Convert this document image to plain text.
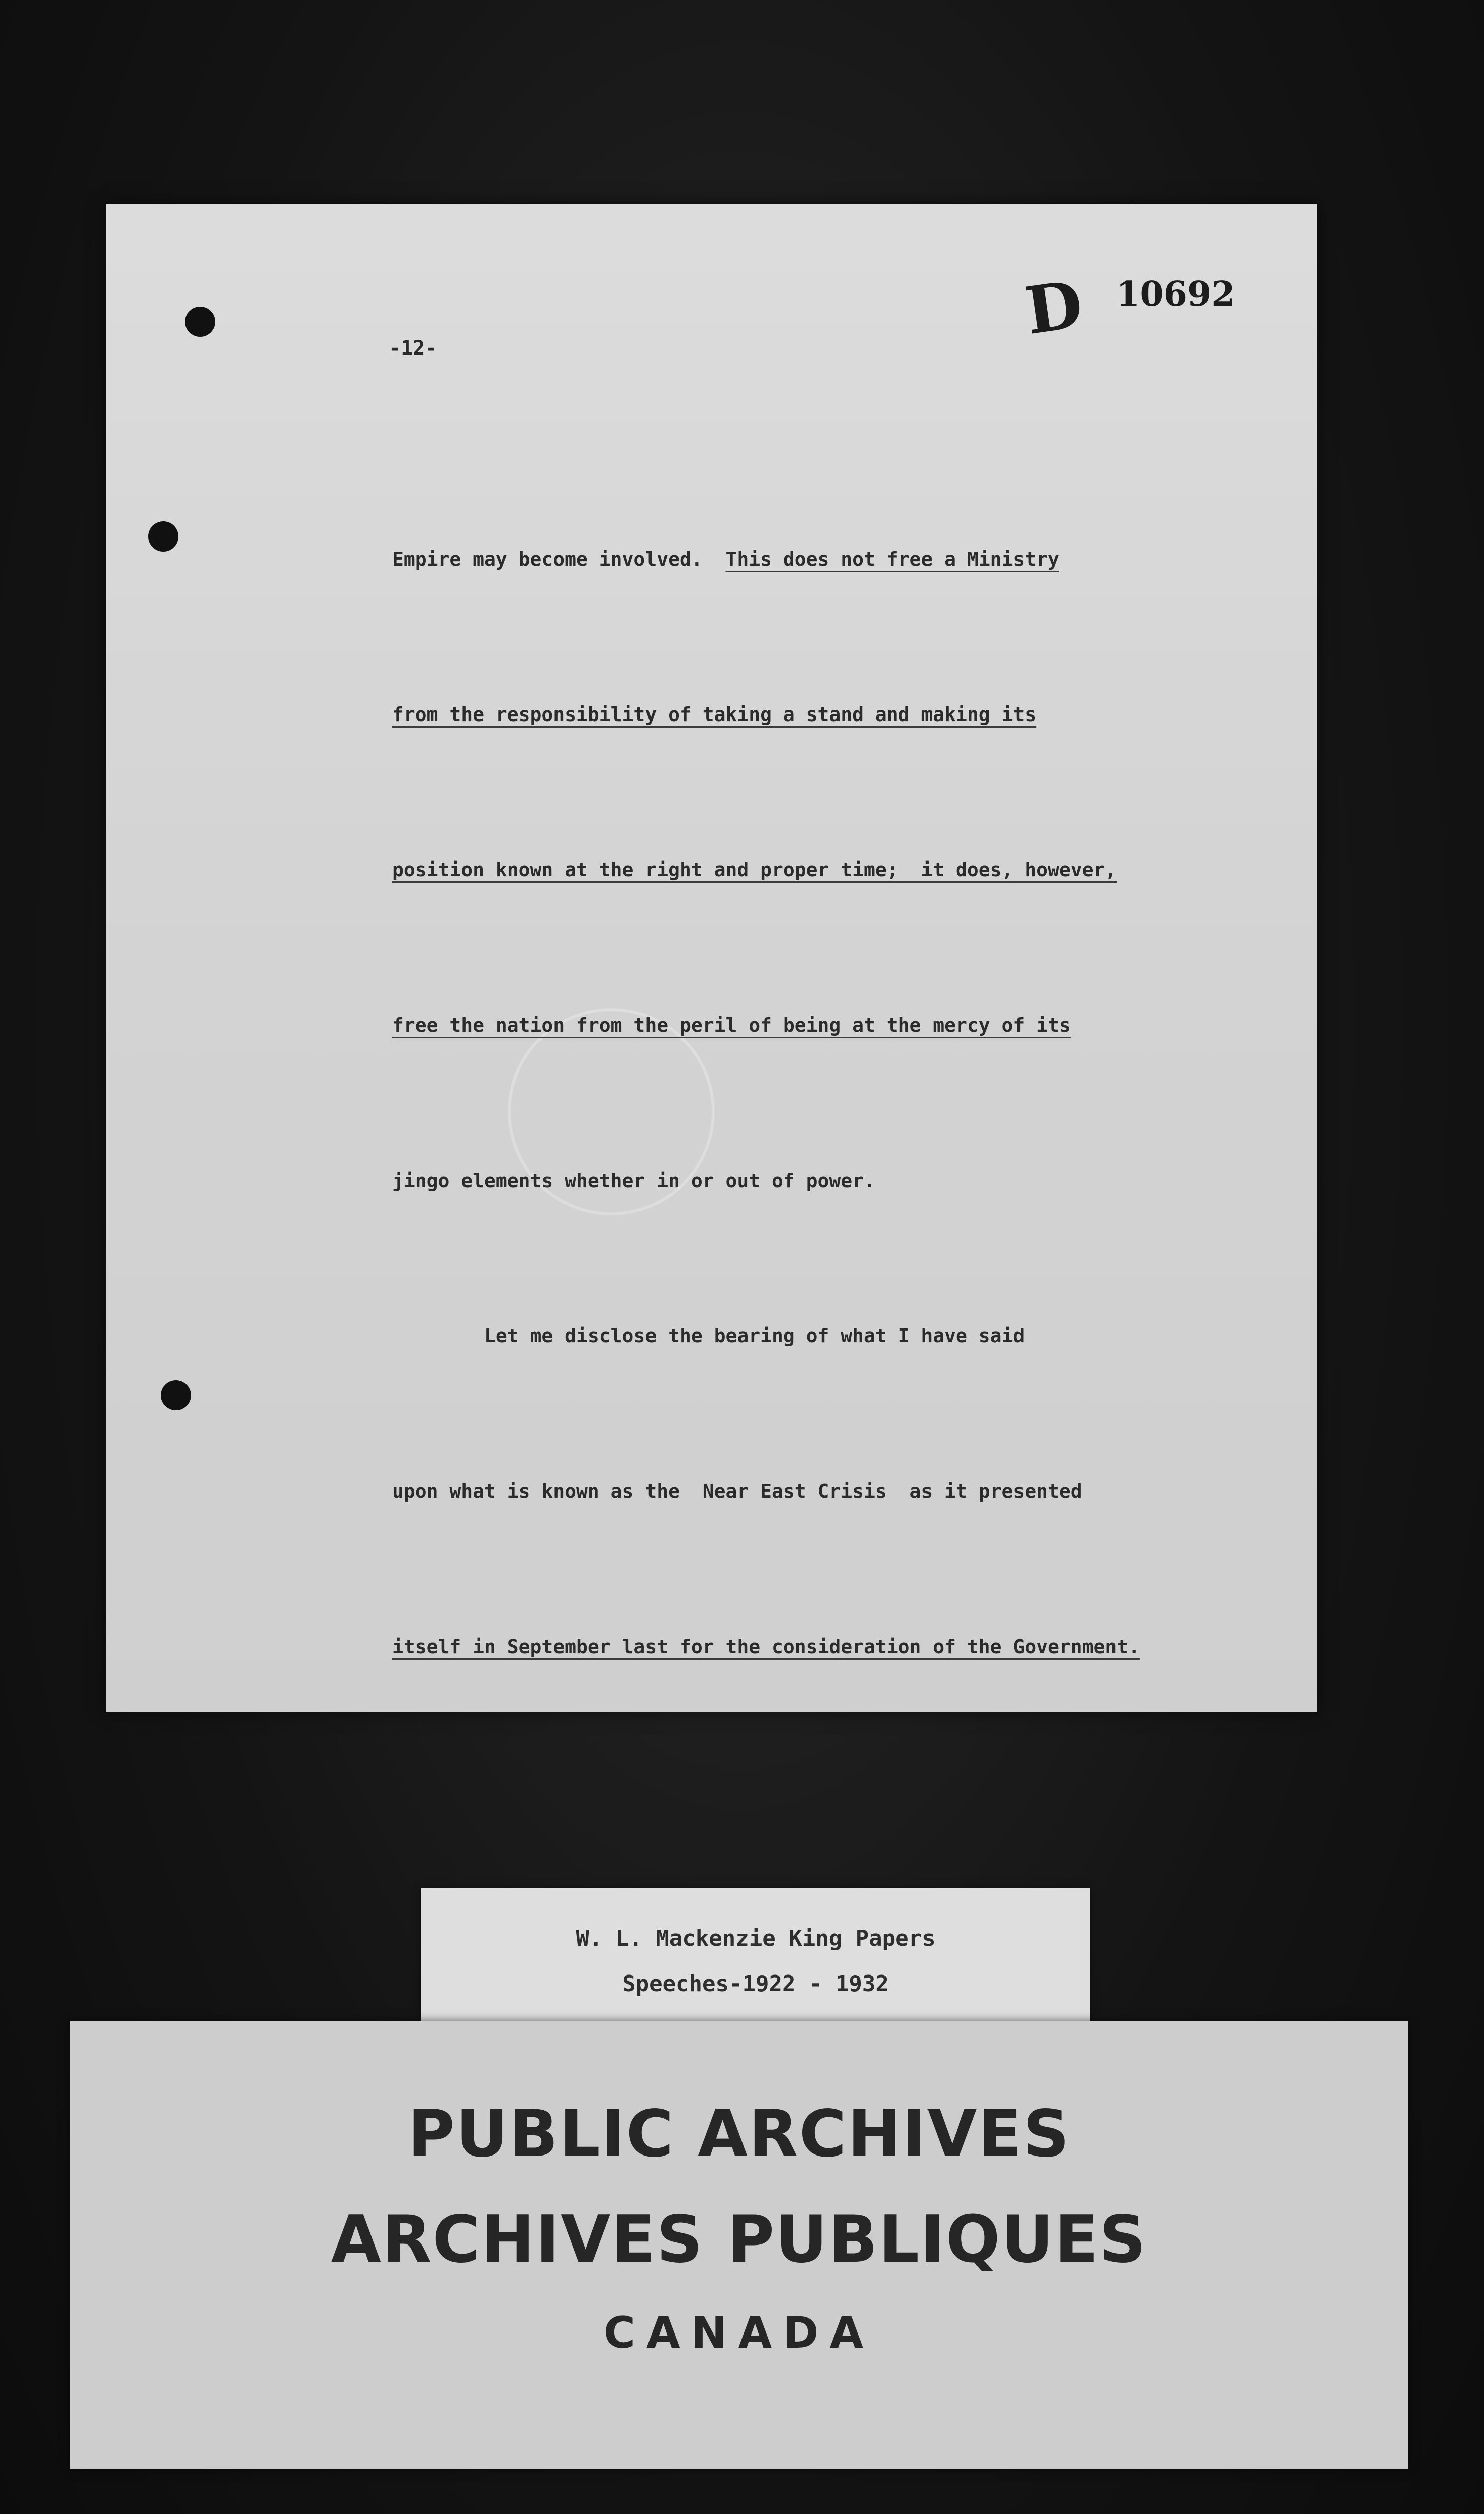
D 10692
-12-

Empire may become involved.  This does not free a Ministry

from the responsibility of taking a stand and making its

position known at the right and proper time;  it does, however,

free the nation from the peril of being at the mercy of its

jingo elements whether in or out of power.

Let me disclose the bearing of what I have said

upon what is known as the  Near East Crisis  as it presented

itself in September last for the consideration of the Government.

W. L. Mackenzie King Papers
Speeches-1922 - 1932
PUBLIC ARCHIVES
ARCHIVES PUBLIQUES
CANADA
